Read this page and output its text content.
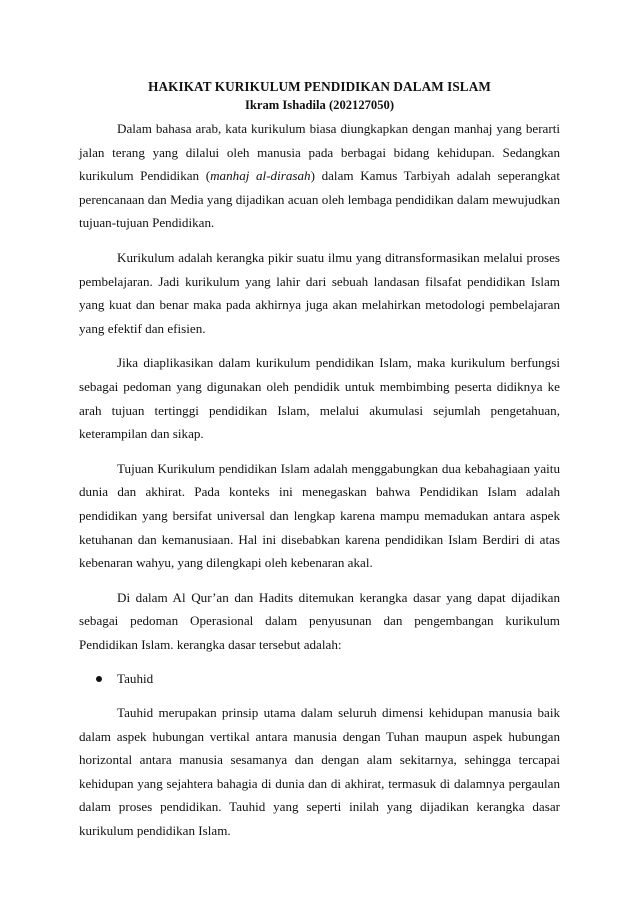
HAKIKAT KURIKULUM PENDIDIKAN DALAM ISLAM

Ikram Ishadila (202127050)

Dalam bahasa arab, kata kurikulum biasa diungkapkan dengan manhaj yang berarti jalan terang yang dilalui oleh manusia pada berbagai bidang kehidupan. Sedangkan kurikulum Pendidikan (manhaj al-dirasah) dalam Kamus Tarbiyah adalah seperangkat perencanaan dan Media yang dijadikan acuan oleh lembaga pendidikan dalam mewujudkan tujuan-tujuan Pendidikan.

Kurikulum adalah kerangka pikir suatu ilmu yang ditransformasikan melalui proses pembelajaran. Jadi kurikulum yang lahir dari sebuah landasan filsafat pendidikan Islam yang kuat dan benar maka pada akhirnya juga akan melahirkan metodologi pembelajaran yang efektif dan efisien.

Jika diaplikasikan dalam kurikulum pendidikan Islam, maka kurikulum berfungsi sebagai pedoman yang digunakan oleh pendidik untuk membimbing peserta didiknya ke arah tujuan tertinggi pendidikan Islam, melalui akumulasi sejumlah pengetahuan, keterampilan dan sikap.

Tujuan Kurikulum pendidikan Islam adalah menggabungkan dua kebahagiaan yaitu dunia dan akhirat. Pada konteks ini menegaskan bahwa Pendidikan Islam adalah pendidikan yang bersifat universal dan lengkap karena mampu memadukan antara aspek ketuhanan dan kemanusiaan. Hal ini disebabkan karena pendidikan Islam Berdiri di atas kebenaran wahyu, yang dilengkapi oleh kebenaran akal.

Di dalam Al Qur’an dan Hadits ditemukan kerangka dasar yang dapat dijadikan sebagai pedoman Operasional dalam penyusunan dan pengembangan kurikulum Pendidikan Islam. kerangka dasar tersebut adalah:

Tauhid

Tauhid merupakan prinsip utama dalam seluruh dimensi kehidupan manusia baik dalam aspek hubungan vertikal antara manusia dengan Tuhan maupun aspek hubungan horizontal antara manusia sesamanya dan dengan alam sekitarnya, sehingga tercapai kehidupan yang sejahtera bahagia di dunia dan di akhirat, termasuk di dalamnya pergaulan dalam proses pendidikan. Tauhid yang seperti inilah yang dijadikan kerangka dasar kurikulum pendidikan Islam.
